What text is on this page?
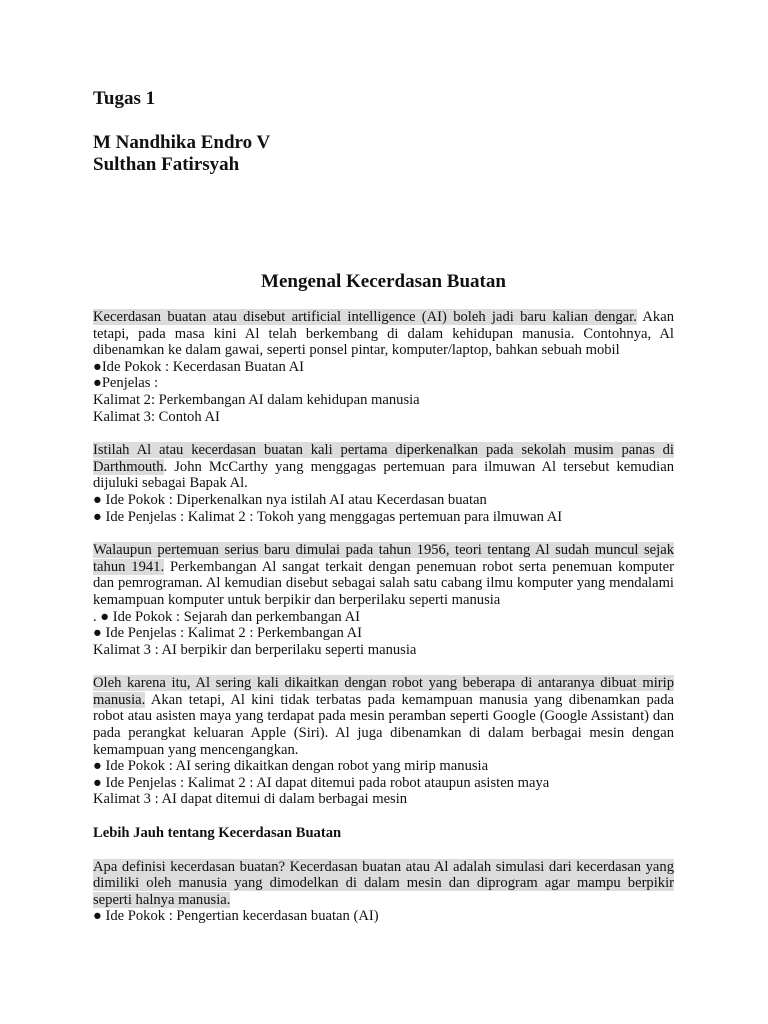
Tugas 1

M Nandhika Endro V

Sulthan Fatirsyah

Mengenal Kecerdasan Buatan

Kecerdasan buatan atau disebut artificial intelligence (AI) boleh jadi baru kalian dengar. Akan tetapi, pada masa kini Al telah berkembang di dalam kehidupan manusia. Contohnya, Al dibenamkan ke dalam gawai, seperti ponsel pintar, komputer/laptop, bahkan sebuah mobil
●Ide Pokok : Kecerdasan Buatan AI
●Penjelas :
Kalimat 2: Perkembangan AI dalam kehidupan manusia
Kalimat 3: Contoh AI
Istilah Al atau kecerdasan buatan kali pertama diperkenalkan pada sekolah musim panas di Darthmouth. John McCarthy yang menggagas pertemuan para ilmuwan Al tersebut kemudian dijuluki sebagai Bapak Al.
● Ide Pokok : Diperkenalkan nya istilah AI atau Kecerdasan buatan
● Ide Penjelas : Kalimat 2 : Tokoh yang menggagas pertemuan para ilmuwan AI
Walaupun pertemuan serius baru dimulai pada tahun 1956, teori tentang Al sudah muncul sejak tahun 1941. Perkembangan Al sangat terkait dengan penemuan robot serta penemuan komputer dan pemrograman. Al kemudian disebut sebagai salah satu cabang ilmu komputer yang mendalami kemampuan komputer untuk berpikir dan berperilaku seperti manusia
. ● Ide Pokok : Sejarah dan perkembangan AI
● Ide Penjelas : Kalimat 2 : Perkembangan AI
Kalimat 3 : AI berpikir dan berperilaku seperti manusia
Oleh karena itu, Al sering kali dikaitkan dengan robot yang beberapa di antaranya dibuat mirip manusia. Akan tetapi, Al kini tidak terbatas pada kemampuan manusia yang dibenamkan pada robot atau asisten maya yang terdapat pada mesin peramban seperti Google (Google Assistant) dan pada perangkat keluaran Apple (Siri). Al juga dibenamkan di dalam berbagai mesin dengan kemampuan yang mencengangkan.
● Ide Pokok : AI sering dikaitkan dengan robot yang mirip manusia
● Ide Penjelas : Kalimat 2 : AI dapat ditemui pada robot ataupun asisten maya
Kalimat 3 : AI dapat ditemui di dalam berbagai mesin

Lebih Jauh tentang Kecerdasan Buatan

Apa definisi kecerdasan buatan? Kecerdasan buatan atau Al adalah simulasi dari kecerdasan yang dimiliki oleh manusia yang dimodelkan di dalam mesin dan diprogram agar mampu berpikir seperti halnya manusia.
● Ide Pokok : Pengertian kecerdasan buatan (AI)
